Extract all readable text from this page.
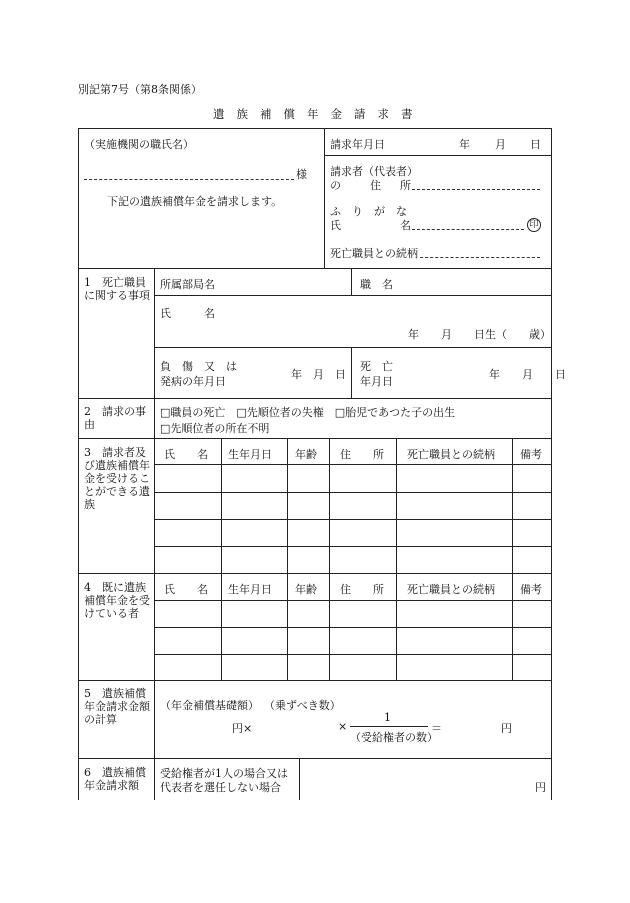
別記第7号（第8条関係）
遺族補償年金請求書
（実施機関の職氏名）
様
下記の遺族補償年金を請求します。
請求年月日	年 月 日
請求者（代表者）
の	住 所
ふ　り　が　な
氏	名	印
死亡職員との続柄
1　死亡職員に関する事項
所属部局名	職　名
氏　　　名
年　　月　　日生（　　歳）
負　傷　又　は
発病の年月日
年　月　日
死　亡
年月日
年　　月　　日
2　請求の事由
□職員の死亡　□先順位者の失権　□胎児であつた子の出生
□先順位者の所在不明
3　請求者及び遺族補償年金を受けることができる遺族
氏　　名 生年月日 年齢 住　　所 死亡職員との続柄 備考
4　既に遺族補償年金を受けている者
氏　　名 生年月日 年齢 住　　所 死亡職員との続柄 備考
5　遺族補償年金請求金額の計算
（年金補償基礎額） （乗ずべき数）
円×	×
1
（受給権者の数）
＝	円
6　遺族補償年金請求額
受給権者が1人の場合又は
代表者を選任しない場合	円
